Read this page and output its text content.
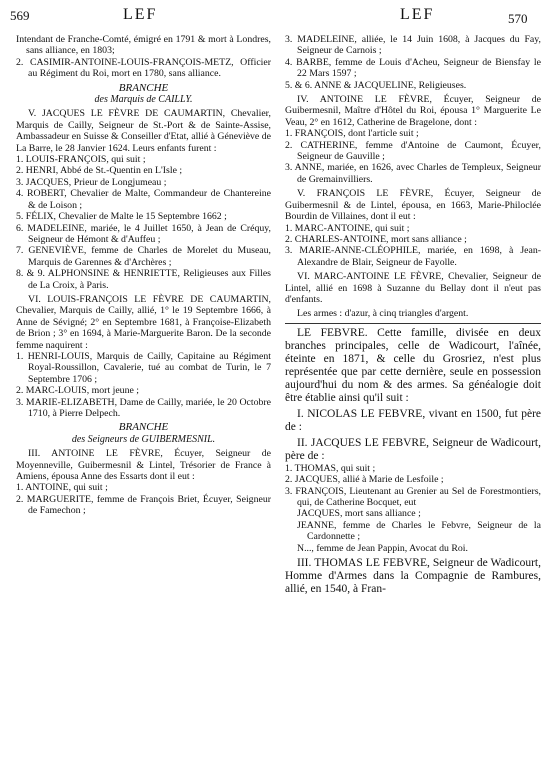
569	LEF	LEF	570

Intendant de Franche-Comté, émigré en 1791 & mort à Londres, sans alliance, en 1803;

2. CASIMIR-ANTOINE-LOUIS-FRANÇOIS-METZ, Officier au Régiment du Roi, mort en 1780, sans alliance.

BRANCHE

des Marquis de CAILLY.

V. JACQUES LE FÈVRE DE CAUMARTIN, Chevalier, Marquis de Cailly, Seigneur de St.-Port & de Sainte-Assise, Ambassadeur en Suisse & Conseiller d'Etat, allié à Géneviève de La Barre, le 28 Janvier 1624. Leurs enfants furent :

1. LOUIS-FRANÇOIS, qui suit ;

2. HENRI, Abbé de St.-Quentin en L'Isle ;

3. JACQUES, Prieur de Longjumeau ;

4. ROBERT, Chevalier de Malte, Commandeur de Chantereine & de Loison ;

5. FÉLIX, Chevalier de Malte le 15 Septembre 1662 ;

6. MADELEINE, mariée, le 4 Juillet 1650, à Jean de Créquy, Seigneur de Hémont & d'Auffeu ;

7. GENEVIÈVE, femme de Charles de Morelet du Museau, Marquis de Garennes & d'Archères ;

8. & 9. ALPHONSINE & HENRIETTE, Religieuses aux Filles de La Croix, à Paris.

VI. LOUIS-FRANÇOIS LE FÈVRE DE CAUMARTIN, Chevalier, Marquis de Cailly, allié, 1° le 19 Septembre 1666, à Anne de Sévigné; 2° en Septembre 1681, à Françoise-Elizabeth de Brion ; 3° en 1694, à Marie-Marguerite Baron. De la seconde femme naquirent :

1. HENRI-LOUIS, Marquis de Cailly, Capitaine au Régiment Royal-Roussillon, Cavalerie, tué au combat de Turin, le 7 Septembre 1706 ;

2. MARC-LOUIS, mort jeune ;

3. MARIE-ELIZABETH, Dame de Cailly, mariée, le 20 Octobre 1710, à Pierre Delpech.

BRANCHE

des Seigneurs de GUIBERMESNIL.

III. ANTOINE LE FÈVRE, Écuyer, Seigneur de Moyenneville, Guibermesnil & Lintel, Trésorier de France à Amiens, épousa Anne des Essarts dont il eut :

1. ANTOINE, qui suit ;

2. MARGUERITE, femme de François Briet, Écuyer, Seigneur de Famechon ;

3. MADELEINE, alliée, le 14 Juin 1608, à Jacques du Fay, Seigneur de Carnois ;

4. BARBE, femme de Louis d'Acheu, Seigneur de Biensfay le 22 Mars 1597 ;

5. & 6. ANNE & JACQUELINE, Religieuses.

IV. ANTOINE LE FÈVRE, Écuyer, Seigneur de Guibermesnil, Maître d'Hôtel du Roi, épousa 1° Marguerite Le Veau, 2° en 1612, Catherine de Bragelone, dont :

1. FRANÇOIS, dont l'article suit ;

2. CATHERINE, femme d'Antoine de Caumont, Écuyer, Seigneur de Gauville ;

3. ANNE, mariée, en 1626, avec Charles de Templeux, Seigneur de Gremainvilliers.

V. FRANÇOIS LE FÈVRE, Écuyer, Seigneur de Guibermesnil & de Lintel, épousa, en 1663, Marie-Philoclée Bourdin de Villaines, dont il eut :

1. MARC-ANTOINE, qui suit ;

2. CHARLES-ANTOINE, mort sans alliance ;

3. MARIE-ANNE-CLÉOPHILE, mariée, en 1698, à Jean-Alexandre de Blair, Seigneur de Fayolle.

VI. MARC-ANTOINE LE FÈVRE, Chevalier, Seigneur de Lintel, allié en 1698 à Suzanne du Bellay dont il n'eut pas d'enfants.

Les armes : d'azur, à cinq triangles d'argent.

LE FEBVRE. Cette famille, divisée en deux branches principales, celle de Wadicourt, l'aînée, éteinte en 1871, & celle du Grosriez, n'est plus représentée que par cette dernière, seule en possession aujourd'hui du nom & des armes. Sa généalogie doit être établie ainsi qu'il suit :

I. NICOLAS LE FEBVRE, vivant en 1500, fut père de :

II. JACQUES LE FEBVRE, Seigneur de Wadicourt, père de :

1. THOMAS, qui suit ;

2. JACQUES, allié à Marie de Lesfoile ;

3. FRANÇOIS, Lieutenant au Grenier au Sel de Forestmontiers, qui, de Catherine Bocquet, eut

JACQUES, mort sans alliance ;

JEANNE, femme de Charles le Febvre, Seigneur de la Cardonnette ;

N..., femme de Jean Pappin, Avocat du Roi.

III. THOMAS LE FEBVRE, Seigneur de Wadicourt, Homme d'Armes dans la Compagnie de Rambures, allié, en 1540, à Fran-
